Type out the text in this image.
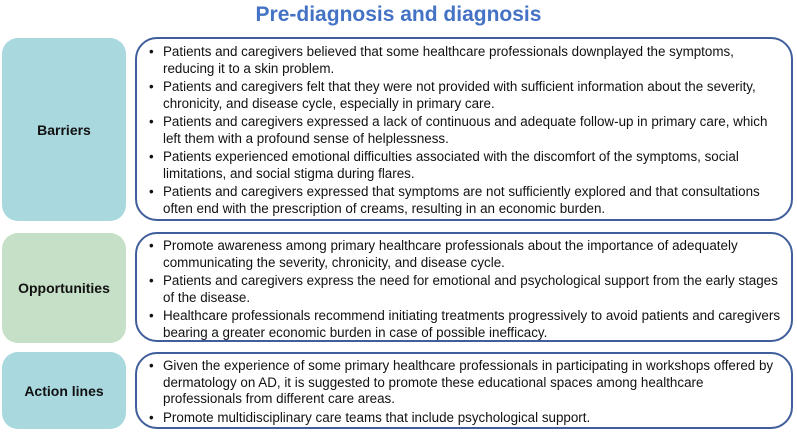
Pre-diagnosis and diagnosis
Barriers
• Patients and caregivers believed that some healthcare professionals downplayed the symptoms, reducing it to a skin problem.
• Patients and caregivers felt that they were not provided with sufficient information about the severity, chronicity, and disease cycle, especially in primary care.
• Patients and caregivers expressed a lack of continuous and adequate follow-up in primary care, which left them with a profound sense of helplessness.
• Patients experienced emotional difficulties associated with the discomfort of the symptoms, social limitations, and social stigma during flares.
• Patients and caregivers expressed that symptoms are not sufficiently explored and that consultations often end with the prescription of creams, resulting in an economic burden.
Opportunities
• Promote awareness among primary healthcare professionals about the importance of adequately communicating the severity, chronicity, and disease cycle.
• Patients and caregivers express the need for emotional and psychological support from the early stages of the disease.
• Healthcare professionals recommend initiating treatments progressively to avoid patients and caregivers bearing a greater economic burden in case of possible inefficacy.
Action lines
• Given the experience of some primary healthcare professionals in participating in workshops offered by dermatology on AD, it is suggested to promote these educational spaces among healthcare professionals from different care areas.
• Promote multidisciplinary care teams that include psychological support.
